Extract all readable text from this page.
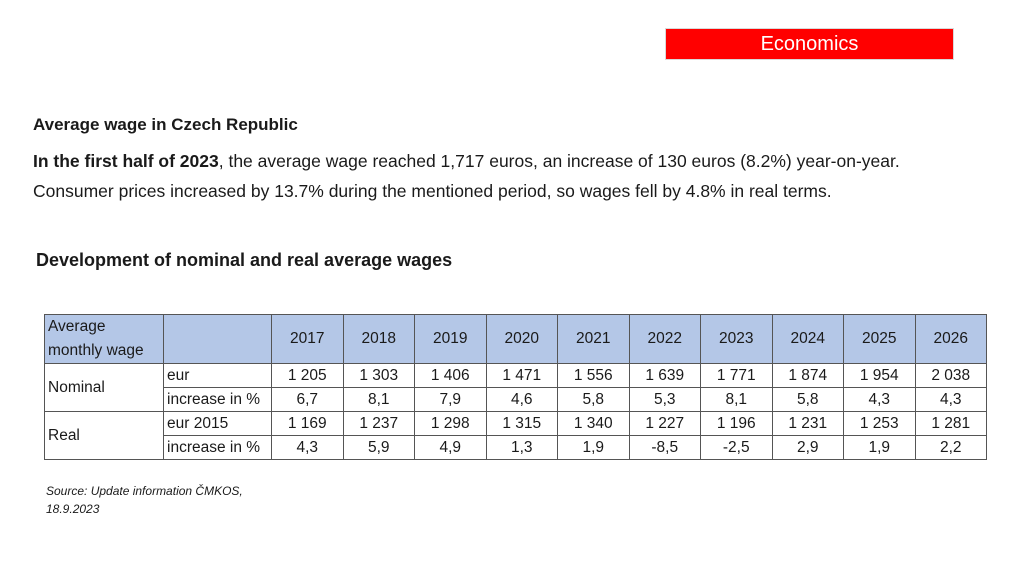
Economics
Average wage in Czech Republic

In the first half of 2023, the average wage reached 1,717 euros, an increase of 130 euros (8.2%) year-on-year.
Consumer prices increased by 13.7% during the mentioned period, so wages fell by 4.8% in real terms.

Development of nominal and real average wages
Average
monthly wage		2017	2018	2019	2020	2021	2022	2023	2024	2025	2026
Nominal	eur	1 205	1 303	1 406	1 471	1 556	1 639	1 771	1 874	1 954	2 038
	increase in %	6,7	8,1	7,9	4,6	5,8	5,3	8,1	5,8	4,3	4,3
Real	eur 2015	1 169	1 237	1 298	1 315	1 340	1 227	1 196	1 231	1 253	1 281
	increase in %	4,3	5,9	4,9	1,3	1,9	-8,5	-2,5	2,9	1,9	2,2

Source: Update information ČMKOS,
18.9.2023
